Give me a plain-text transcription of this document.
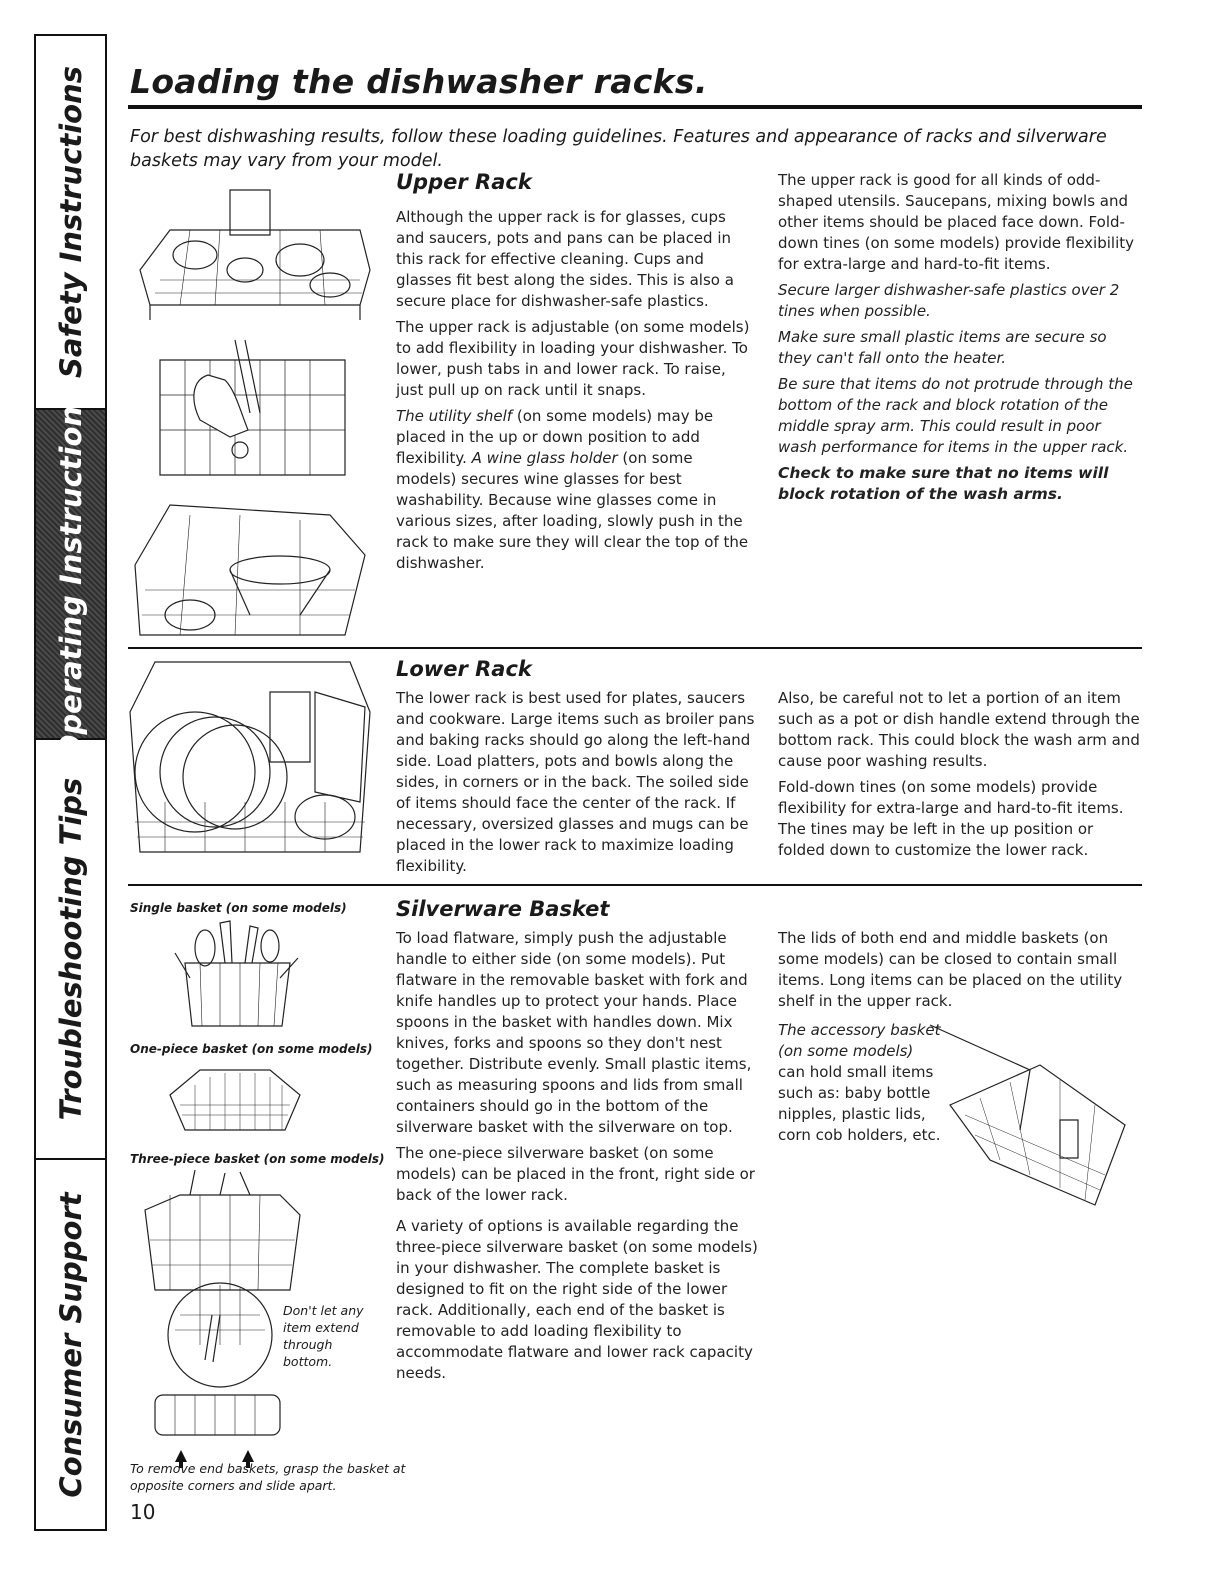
Safety Instructions
Operating Instructions
Troubleshooting Tips
Consumer Support
Loading the dishwasher racks.
For best dishwashing results, follow these loading guidelines. Features and appearance of racks and silverware baskets may vary from your model.
Upper Rack

Although the upper rack is for glasses, cups and saucers, pots and pans can be placed in this rack for effective cleaning. Cups and glasses fit best along the sides. This is also a secure place for dishwasher-safe plastics.

The upper rack is adjustable (on some models) to add flexibility in loading your dishwasher. To lower, push tabs in and lower rack. To raise, just pull up on rack until it snaps.

The utility shelf (on some models) may be placed in the up or down position to add flexibility. A wine glass holder (on some models) secures wine glasses for best washability. Because wine glasses come in various sizes, after loading, slowly push in the rack to make sure they will clear the top of the dishwasher.

The upper rack is good for all kinds of odd-shaped utensils. Saucepans, mixing bowls and other items should be placed face down. Fold-down tines (on some models) provide flexibility for extra-large and hard-to-fit items.

Secure larger dishwasher-safe plastics over 2 tines when possible.

Make sure small plastic items are secure so they can't fall onto the heater.

Be sure that items do not protrude through the bottom of the rack and block rotation of the middle spray arm. This could result in poor wash performance for items in the upper rack.

Check to make sure that no items will block rotation of the wash arms.

Lower Rack

The lower rack is best used for plates, saucers and cookware. Large items such as broiler pans and baking racks should go along the left-hand side. Load platters, pots and bowls along the sides, in corners or in the back. The soiled side of items should face the center of the rack. If necessary, oversized glasses and mugs can be placed in the lower rack to maximize loading flexibility.

Also, be careful not to let a portion of an item such as a pot or dish handle extend through the bottom rack. This could block the wash arm and cause poor washing results.

Fold-down tines (on some models) provide flexibility for extra-large and hard-to-fit items. The tines may be left in the up position or folded down to customize the lower rack.

Single basket (on some models)
One-piece basket (on some models)
Three-piece basket (on some models)
Don't let any item extend through bottom.
To remove end baskets, grasp the basket at opposite corners and slide apart.
Silverware Basket

To load flatware, simply push the adjustable handle to either side (on some models). Put flatware in the removable basket with fork and knife handles up to protect your hands. Place spoons in the basket with handles down. Mix knives, forks and spoons so they don't nest together. Distribute evenly. Small plastic items, such as measuring spoons and lids from small containers should go in the bottom of the silverware basket with the silverware on top.

The one-piece silverware basket (on some models) can be placed in the front, right side or back of the lower rack.

A variety of options is available regarding the three-piece silverware basket (on some models) in your dishwasher. The complete basket is designed to fit on the right side of the lower rack. Additionally, each end of the basket is removable to add loading flexibility to accommodate flatware and lower rack capacity needs.

The lids of both end and middle baskets (on some models) can be closed to contain small items. Long items can be placed on the utility shelf in the upper rack.

The accessory basket (on some models) can hold small items such as: baby bottle nipples, plastic lids, corn cob holders, etc.
10
